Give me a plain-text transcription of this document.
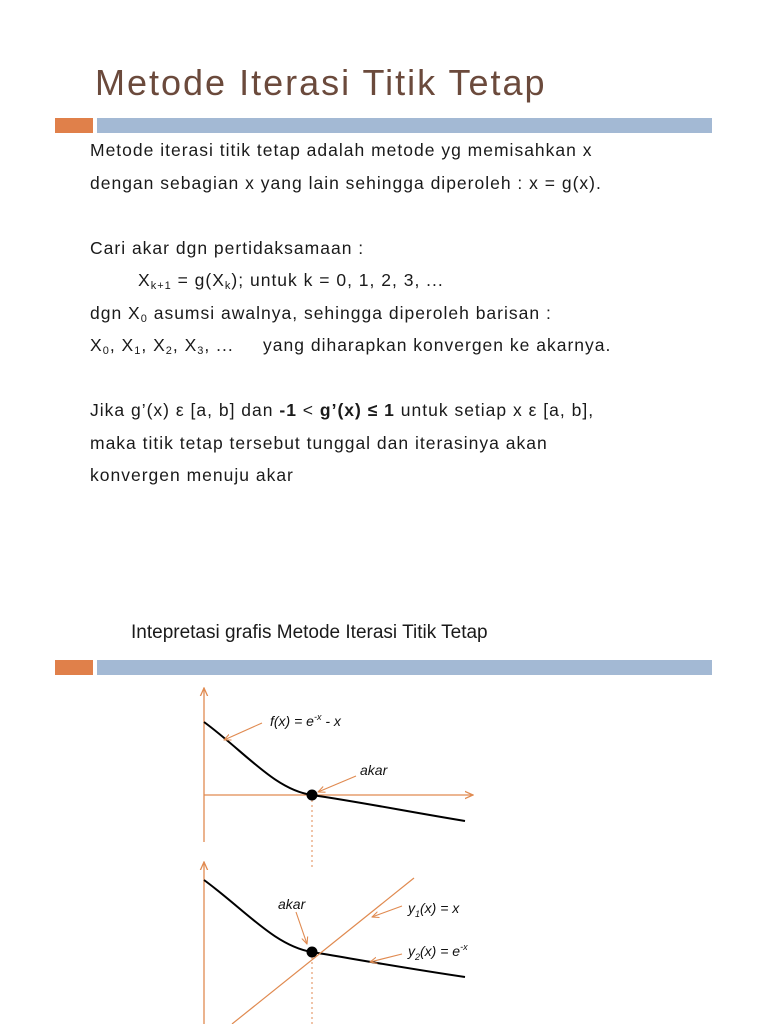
Metode Iterasi Titik Tetap
Metode iterasi titik tetap adalah metode yg memisahkan x
dengan sebagian x yang lain sehingga diperoleh : x = g(x).
Cari akar dgn pertidaksamaan :
$X_{k+1} = g(X_k)$; untuk k = 0, 1, 2, 3, ...
dgn $X_0$ asumsi awalnya, sehingga diperoleh barisan :
$X_0$, $X_1$, $X_2$, $X_3$, ...     yang diharapkan konvergen ke akarnya.
Jika g’(x) ε [a, b] dan -1 < g’(x) ≤ 1 untuk setiap x ε [a, b],
maka titik tetap tersebut tunggal dan iterasinya akan
konvergen menuju akar
Intepretasi grafis Metode Iterasi Titik Tetap
$f(x) = e^{-x} - x$
akar
akar	$y_1(x) = x$
$y_2(x) = e^{-x}$
